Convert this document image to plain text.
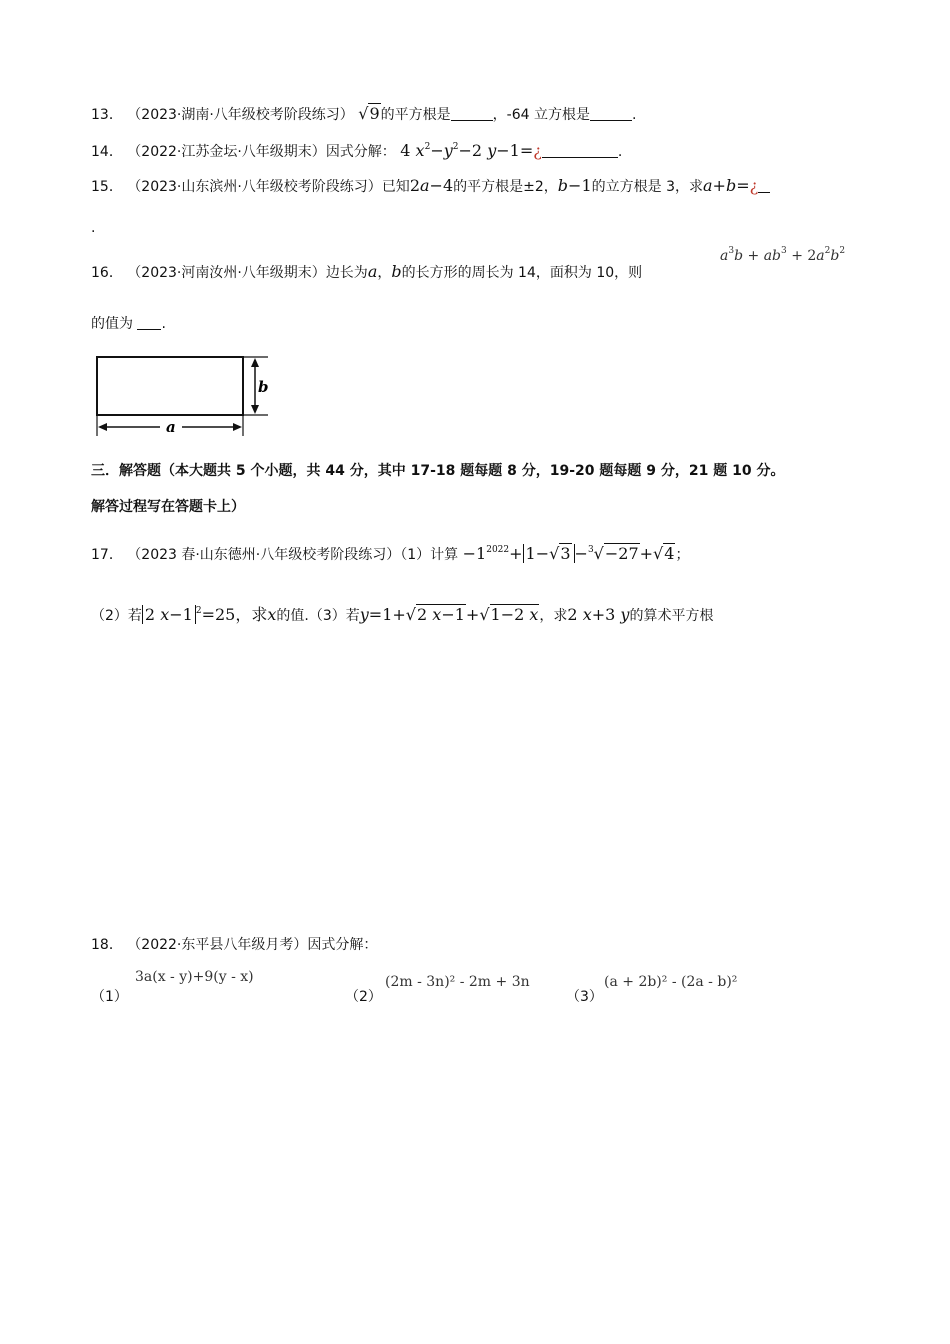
13． （2023·湖南·八年级校考阶段练习） √9的平方根是	，-64 立方根是	.
14． （2022·江苏金坛·八年级期末）因式分解： 4 $x^2-y^2-2$ y−1=¿	.
15． （2023·山东滨州·八年级校考阶段练习）已知2a−4的平方根是±2，b−1的立方根是 3，求a+b=¿
.
16． （2023·河南汝州·八年级期末）边长为a，b的长方形的周长为 14，面积为 10，则
$a^3b + ab^3 + 2a^2b^2$
的值为 .
b
a
三．解答题（本大题共 5 个小题，共 44 分，其中 17-18 题每题 8 分，19-20 题每题 9 分，21 题 10 分。
解答过程写在答题卡上）
17． （2023 春·山东德州·八年级校考阶段练习）（1）计算 $-1^{2022}+ 1-√3 -^3√-27+√4$；
（2）若 2 x−1 $^2$=25，求x的值.（3）若y=1+√2 x−1+√1−2 x，求2 x+3 y的算术平方根
18． （2022·东平县八年级月考）因式分解：
（1）
3a(x - y)+9(y - x)
（2）
(2m - 3n)² - 2m + 3n
（3）
(a + 2b)² - (2a - b)²
